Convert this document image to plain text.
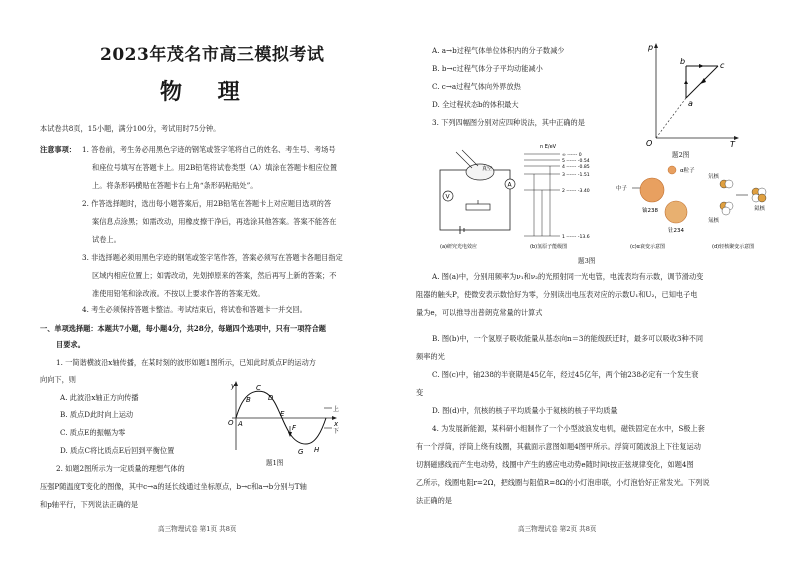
2023年茂名市高三模拟考试
物 理
本试卷共8页，15小题，满分100分，考试用时75分钟。
注意事项： 1. 答卷前，考生务必用黑色字迹的钢笔或签字笔将自己的姓名、考生号、考场号
和座位号填写在答题卡上。用2B铅笔将试卷类型（A）填涂在答题卡相应位置
上。将条形码横贴在答题卡右上角“条形码粘贴处”。
2. 作答选择题时，选出每小题答案后，用2B铅笔在答题卡上对应题目选项的答
案信息点涂黑；如需改动，用橡皮擦干净后，再选涂其他答案。答案不能答在
试卷上。
3. 非选择题必须用黑色字迹的钢笔或签字笔作答，答案必须写在答题卡各题目指定
区域内相应位置上；如需改动，先划掉原来的答案，然后再写上新的答案；不
准使用铅笔和涂改液。不按以上要求作答的答案无效。
4. 考生必须保持答题卡整洁。考试结束后，将试卷和答题卡一并交回。
一、单项选择题：本题共7小题，每小题4分，共28分，每题四个选项中，只有一项符合题
目要求。
1. 一简谐横波沿x轴传播，在某时刻的波形如题1图所示，已知此时质点F的运动方
向向下，则
A. 此波沿x轴正方向传播
B. 质点D此时向上运动
C. 质点E的振幅为零
D. 质点C将比质点E后回到平衡位置
y
O A
B
C
D
E
F
G H
x
上
下
题1图
2. 如题2图所示为一定质量的理想气体的
压强P随温度T变化的图像，其中c→a的延长线通过坐标原点，b→c和a→b分别与T轴
和p轴平行，下列说法正确的是
高三物理试卷 第1页 共8页
A. a→b过程气体单位体积内的分子数减少
B. b→c过程气体分子平均动能减小
C. c→a过程气体向外界放热
D. 全过程状态b的体积最大
p
O	T
a
b	c
题2图
3. 下列四幅图分别对应四种说法，其中正确的是
V
A
真空
n E/eV
∞ ------ 0
5 ------ -0.54
4 ------ -0.85
3 ------ -1.51
2 ------ -3.40
1 ------ -13.6
中子
α粒子
铀238
钍234
氘核
氚核
氦核
(a)研究光电效应	(b)氢原子能级图	(c)α衰变示意图	(d)轻核聚变示意图
题3图
A. 图(a)中，分别用频率为ν₁和ν₂的光照射同一光电管，电流表均有示数，调节滑动变
阻器的触头P，使微安表示数恰好为零，分别读出电压表对应的示数U₁和U₂，已知电子电
量为e，可以推导出普朗克常量的计算式
B. 图(b)中，一个氢原子吸收能量从基态向n＝3的能级跃迁时，最多可以吸收3种不同
频率的光
C. 图(c)中，铀238的半衰期是45亿年，经过45亿年，两个铀238必定有一个发生衰
变
D. 图(d)中，氘核的核子平均质量小于氦核的核子平均质量
4. 为发展新能源，某科研小组制作了一个小型波浪发电机，磁铁固定在水中，S极上套
有一个浮筒，浮筒上绕有线圈，其截面示意图如题4图甲所示。浮筒可随波浪上下往复运动
切割磁感线而产生电动势，线圈中产生的感应电动势e随时间t按正弦规律变化，如题4图
乙所示，线圈电阻r=2Ω，把线圈与阻值R=8Ω的小灯泡串联，小灯泡恰好正常发光。下列说
法正确的是
高三物理试卷 第2页 共8页
